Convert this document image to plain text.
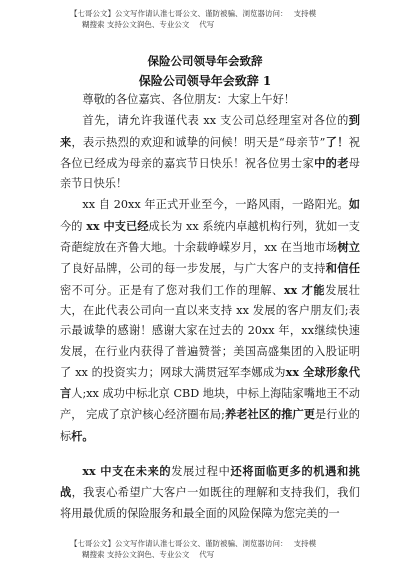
【七哥公文】公文写作请认准七哥公文、谨防被骗、浏览器访问：　 支持模
糊搜索 支持公文润色、专业公文　 代写
保险公司领导年会致辞
保险公司领导年会致辞 1

尊敬的各位嘉宾、各位朋友：大家上午好！

首先，请允许我谨代表 xx 支公司总经理室对各位的到 来，表示热烈的欢迎和诚挚的问候！明天是“母亲节”了！祝各位已经成为母亲的嘉宾节日快乐！祝各位男士家中的老母亲节日快乐！

xx 自 20xx 年正式开业至今，一路风雨，一路阳光。如今的 xx 中支已经成长为 xx 系统内卓越机构行列，犹如一支奇葩绽放在齐鲁大地。十余载峥嵘岁月，xx 在当地市场树立了良好品牌，公司的每一步发展，与广大客户的支持和信任密不可分。正是有了您对我们工作的理解、xx 才能发展壮大，在此代表公司向一直以来支持 xx 发展的客户朋友们;表示最诚挚的感谢！感谢大家在过去的 20xx 年，xx继续快速发展，在行业内获得了普遍赞誉；美国高盛集团的入股证明了 xx 的投资实力；网球大满贯冠军李娜成为xx 全球形象代言人;xx 成功中标北京 CBD 地块，中标上海陆家嘴地王不动产， 完成了京沪核心经济圈布局;养老社区的推广更是行业的标杆。

xx 中支在未来的发展过程中还将面临更多的机遇和挑战，我衷心希望广大客户一如既往的理解和支持我们，我们将用最优质的保险服务和最全面的风险保障为您完美的一

【七哥公文】公文写作请认准七哥公文、谨防被骗、浏览器访问：　 支持模
糊搜索 支持公文润色、专业公文　 代写
